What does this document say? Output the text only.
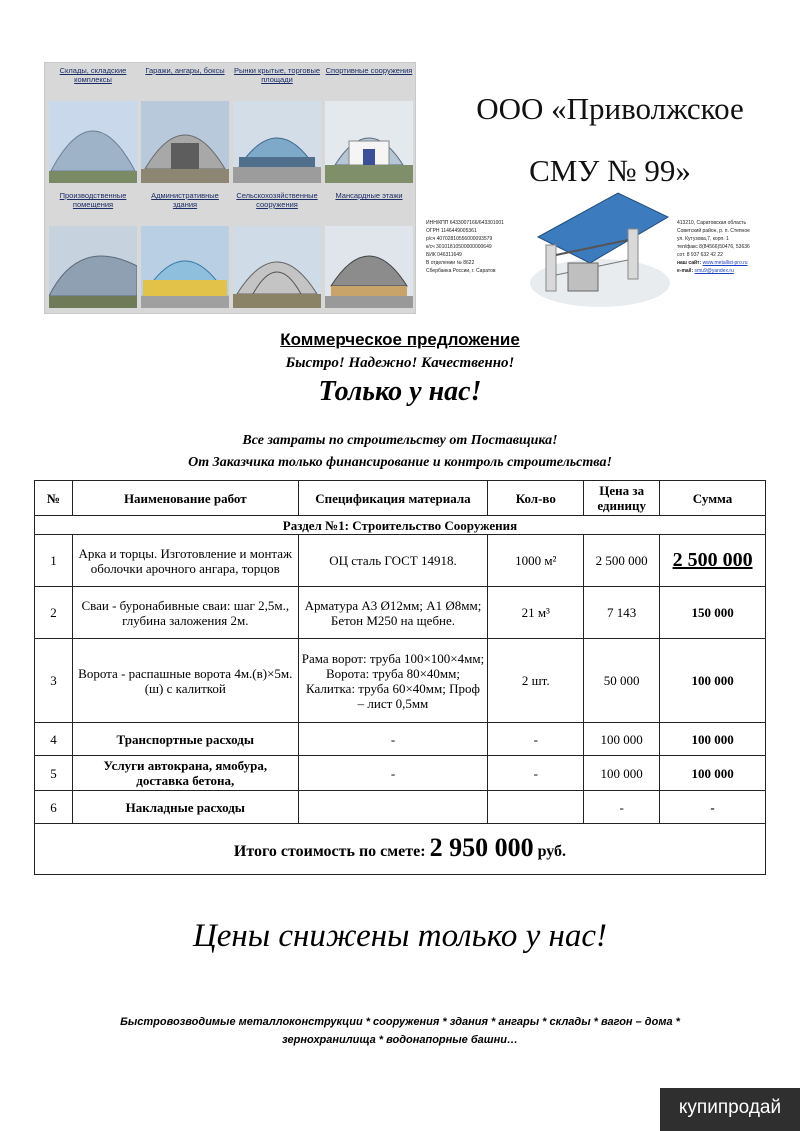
Склады, складские комплексы
Гаражи, ангары, боксы	Рынки крытые, торговые площади
Спортивные сооружения
Производственные помещения
Административные здания
Сельскохозяйственные сооружения
Мансардные этажи
ООО «Приволжское
СМУ № 99»
ИНН/КПП 6433007166/643301001
ОГРН 1146449005361
р/сч 40702810556000093579
к/сч 30101810500000000649
БИК 046311649
В отделении № 8622
Сбербанка России, г. Саратов
413210, Саратовская область
Советский район, р. п. Степное
ул. Кутузова,7, корп. 1
тел/факс 8(84566)50476, 53636
сот. 8 937 632 42 22
наш сайт: www.metallist-pro.ru
e-mail: smu9@yandex.ru
Коммерческое предложение
Быстро! Надежно! Качественно!
Только у нас!
Все затраты по строительству от Поставщика!
От Заказчика только финансирование и контроль строительства!
№	Наименование работ	Спецификация материала	Кол-во	Цена за единицу	Сумма
Раздел №1: Строительство Сооружения					
1	Арка и торцы. Изготовление и монтаж оболочки арочного ангара, торцов	ОЦ сталь ГОСТ 14918.	1000 м²	2 500 000	2 500 000
2	Сваи - буронабивные сваи: шаг 2,5м., глубина заложения 2м.	Арматура А3 Ø12мм; А1 Ø8мм; Бетон М250 на щебне.	21 м³	7 143	150 000
3	Ворота - распашные ворота 4м.(в)×5м.(ш) с калиткой	Рама ворот: труба 100×100×4мм; Ворота: труба 80×40мм; Калитка: труба 60×40мм; Проф – лист 0,5мм	2 шт.	50 000	100 000
4	Транспортные расходы	-	-	100 000	100 000
5	Услуги автокрана, ямобура, доставка бетона,	-	-	100 000	100 000
6	Накладные расходы			-	-
Итого стоимость по смете: 2 950 000 руб.					
Цены снижены только у нас!
Быстровозводимые металлоконструкции * сооружения * здания * ангары * склады * вагон – дома *
зернохранилища * водонапорные башни…
купипродай
